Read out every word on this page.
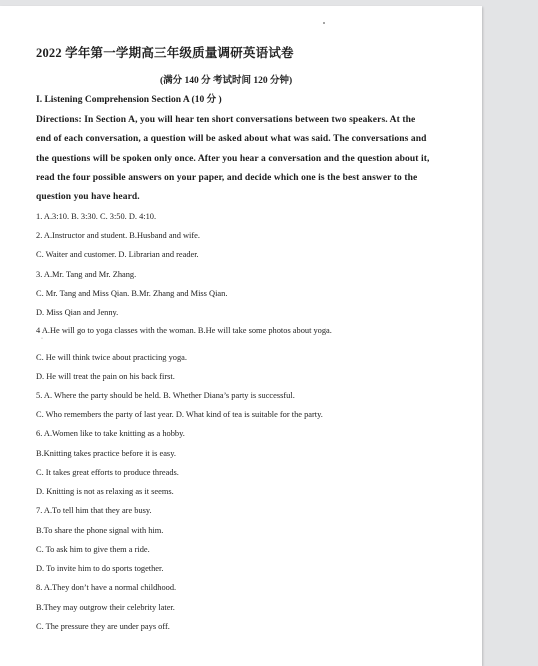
2022 学年第一学期高三年级质量调研英语试卷
(满分 140 分 考试时间 120 分钟)
I. Listening Comprehension Section A (10 分 )
Directions: In Section A, you will hear ten short conversations between two speakers. At the
end of each conversation, a question will be asked about what was said. The conversations and
the questions will be spoken only once. After you hear a conversation and the question about it,
read the four possible answers on your paper, and decide which one is the best answer to the
question you have heard.
1. A.3:10. B. 3:30. C. 3:50. D. 4:10.
2. A.Instructor and student. B.Husband and wife.
C. Waiter and customer. D. Librarian and reader.
3. A.Mr. Tang and Mr. Zhang.
C. Mr. Tang and Miss Qian. B.Mr. Zhang and Miss Qian.
D. Miss Qian and Jenny.
4 A.He will go to yoga classes with the woman. B.He will take some photos about yoga.
·
C. He will think twice about practicing yoga.
D. He will treat the pain on his back first.
5. A. Where the party should be held. B. Whether Diana’s party is successful.
C. Who remembers the party of last year. D. What kind of tea is suitable for the party.
6. A.Women like to take knitting as a hobby.
B.Knitting takes practice before it is easy.
C. It takes great efforts to produce threads.
D. Knitting is not as relaxing as it seems.
7. A.To tell him that they are busy.
B.To share the phone signal with him.
C. To ask him to give them a ride.
D. To invite him to do sports together.
8. A.They don’t have a normal childhood.
B.They may outgrow their celebrity later.
C. The pressure they are under pays off.
